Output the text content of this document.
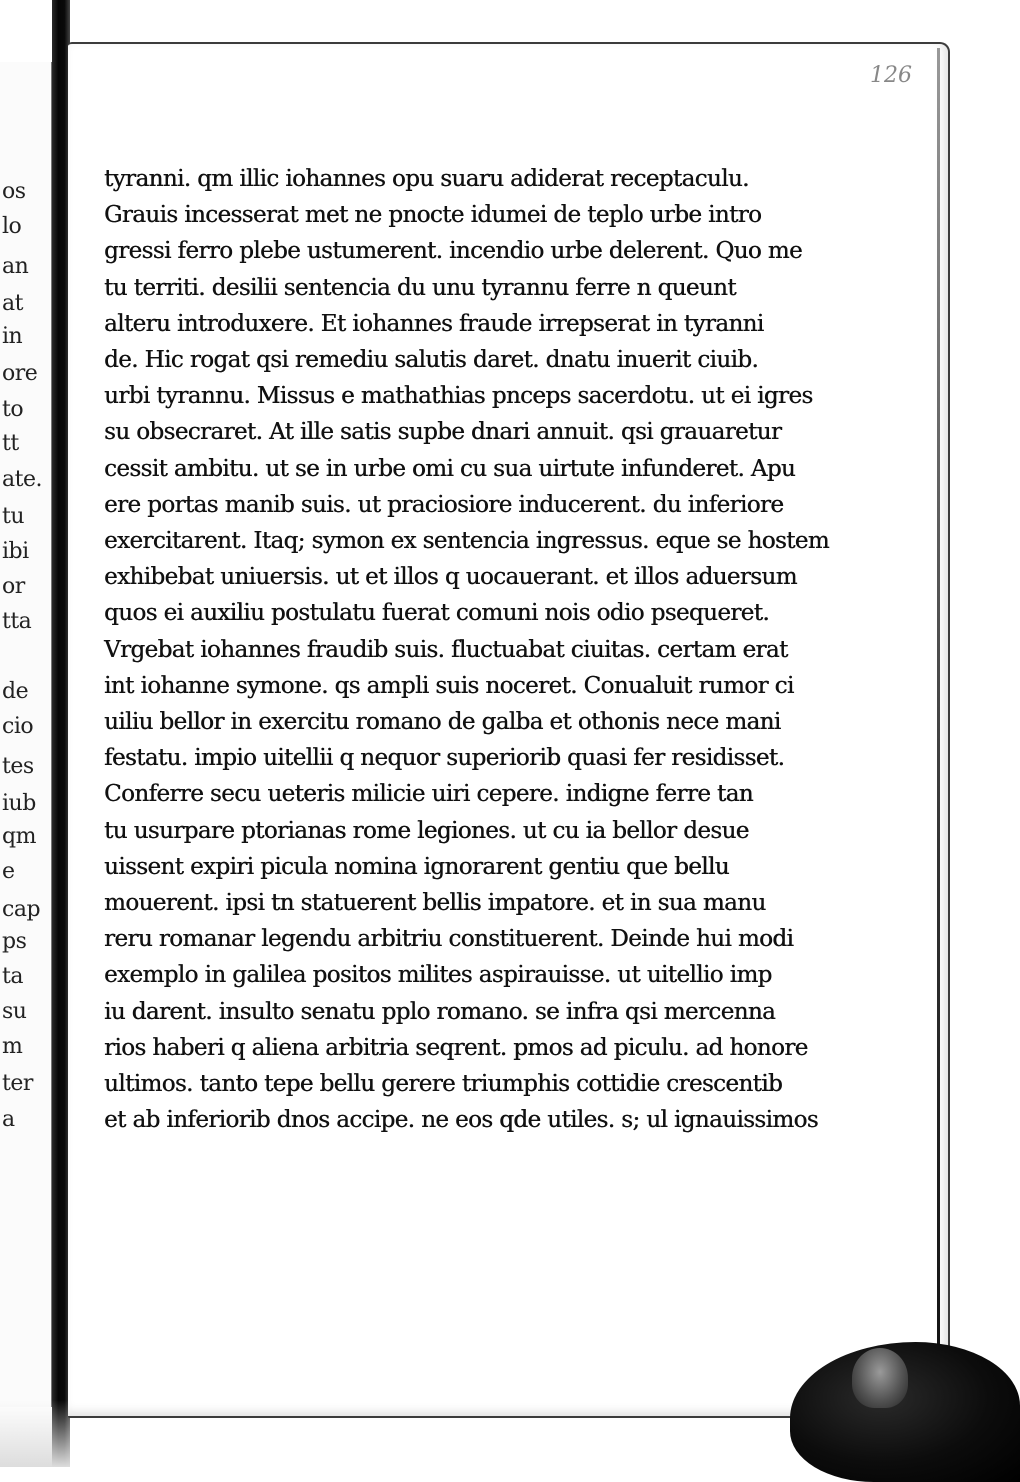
os
lo
an
at
in
ore
to
tt
ate.
tu
ibi
or
tta
de
cio
tes
iub
qm
e
cap
ps
ta
su
m
ter
a
126
tyranni. qm illic iohannes opu suaru adiderat receptaculu.
Grauis incesserat met ne pnocte idumei de teplo urbe intro
gressi ferro plebe ustumerent. incendio urbe delerent. Quo me
tu territi. desilii sentencia du unu tyrannu ferre n queunt
alteru introduxere. Et iohannes fraude irrepserat in tyranni
de. Hic rogat qsi remediu salutis daret. dnatu inuerit ciuib.
urbi tyrannu. Missus e mathathias pnceps sacerdotu. ut ei igres
su obsecraret. At ille satis supbe dnari annuit. qsi grauaretur
cessit ambitu. ut se in urbe omi cu sua uirtute infunderet. Apu
ere portas manib suis. ut praciosiore inducerent. du inferiore
exercitarent. Itaq; symon ex sentencia ingressus. eque se hostem
exhibebat uniuersis. ut et illos q uocauerant. et illos aduersum
quos ei auxiliu postulatu fuerat comuni nois odio psequeret.
Vrgebat iohannes fraudib suis. fluctuabat ciuitas. certam erat
int iohanne symone. qs ampli suis noceret. Conualuit rumor ci
uiliu bellor in exercitu romano de galba et othonis nece mani
festatu. impio uitellii q nequor superiorib quasi fer residisset.
Conferre secu ueteris milicie uiri cepere. indigne ferre tan
tu usurpare ptorianas rome legiones. ut cu ia bellor desue
uissent expiri picula nomina ignorarent gentiu que bellu
mouerent. ipsi tn statuerent bellis impatore. et in sua manu
reru romanar legendu arbitriu constituerent. Deinde hui modi
exemplo in galilea positos milites aspirauisse. ut uitellio imp
iu darent. insulto senatu pplo romano. se infra qsi mercenna
rios haberi q aliena arbitria seqrent. pmos ad piculu. ad honore
ultimos. tanto tepe bellu gerere triumphis cottidie crescentib
et ab inferiorib dnos accipe. ne eos qde utiles. s; ul ignauissimos
